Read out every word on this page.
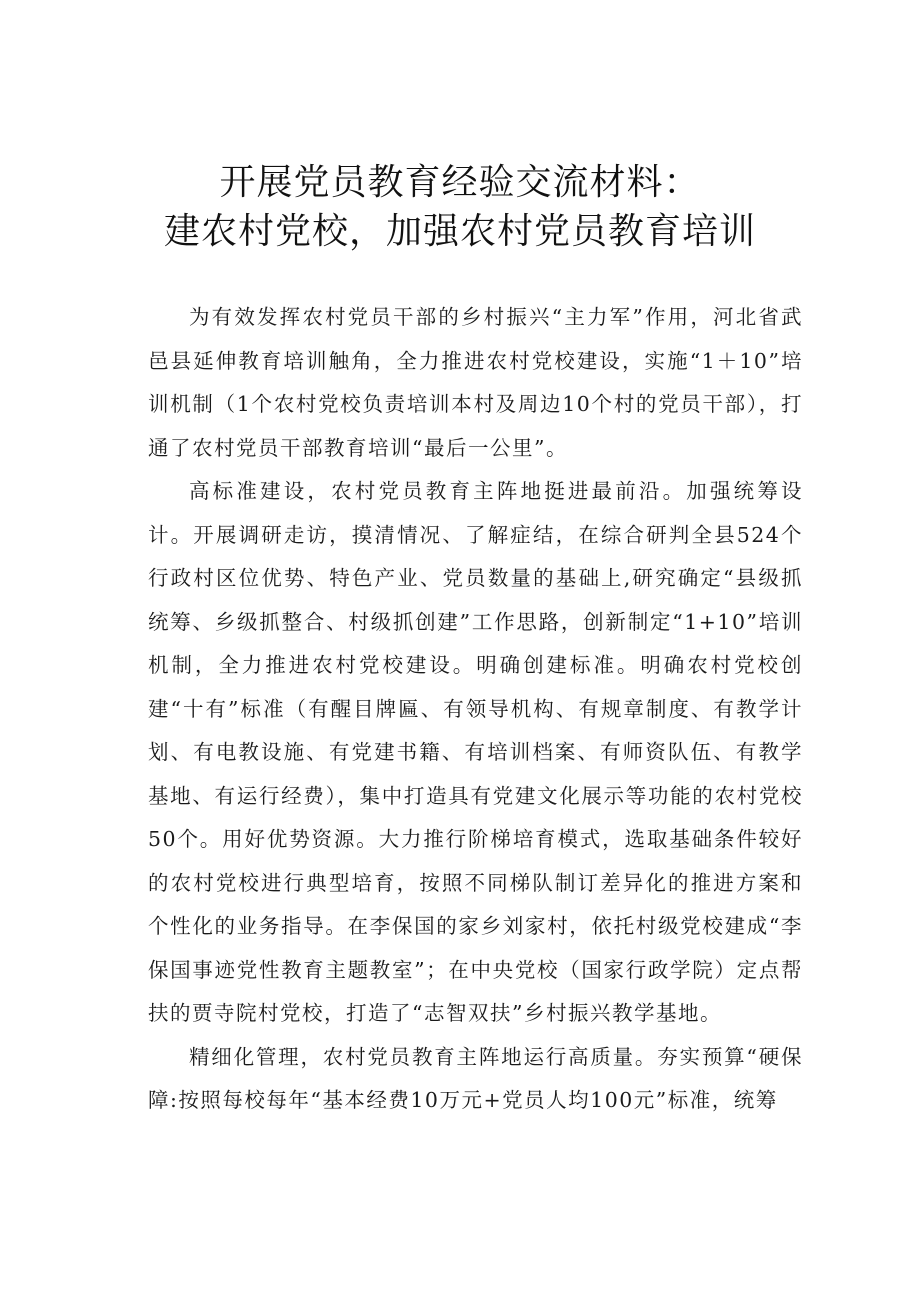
开展党员教育经验交流材料：
建农村党校，加强农村党员教育培训

为有效发挥农村党员干部的乡村振兴“主力军”作用，河北省武邑县延伸教育培训触角，全力推进农村党校建设，实施“1＋10”培训机制（1个农村党校负责培训本村及周边10个村的党员干部），打通了农村党员干部教育培训“最后一公里”。

高标准建设，农村党员教育主阵地挺进最前沿。加强统筹设计。开展调研走访，摸清情况、了解症结，在综合研判全县524个行政村区位优势、特色产业、党员数量的基础上,研究确定“县级抓统筹、乡级抓整合、村级抓创建”工作思路，创新制定“1+10”培训机制，全力推进农村党校建设。明确创建标准。明确农村党校创建“十有”标准（有醒目牌匾、有领导机构、有规章制度、有教学计划、有电教设施、有党建书籍、有培训档案、有师资队伍、有教学基地、有运行经费），集中打造具有党建文化展示等功能的农村党校50个。用好优势资源。大力推行阶梯培育模式，选取基础条件较好的农村党校进行典型培育，按照不同梯队制订差异化的推进方案和个性化的业务指导。在李保国的家乡刘家村，依托村级党校建成“李保国事迹党性教育主题教室”；在中央党校（国家行政学院）定点帮扶的贾寺院村党校，打造了“志智双扶”乡村振兴教学基地。

精细化管理，农村党员教育主阵地运行高质量。夯实预算“硬保障:按照每校每年“基本经费10万元+党员人均100元”标准，统筹
